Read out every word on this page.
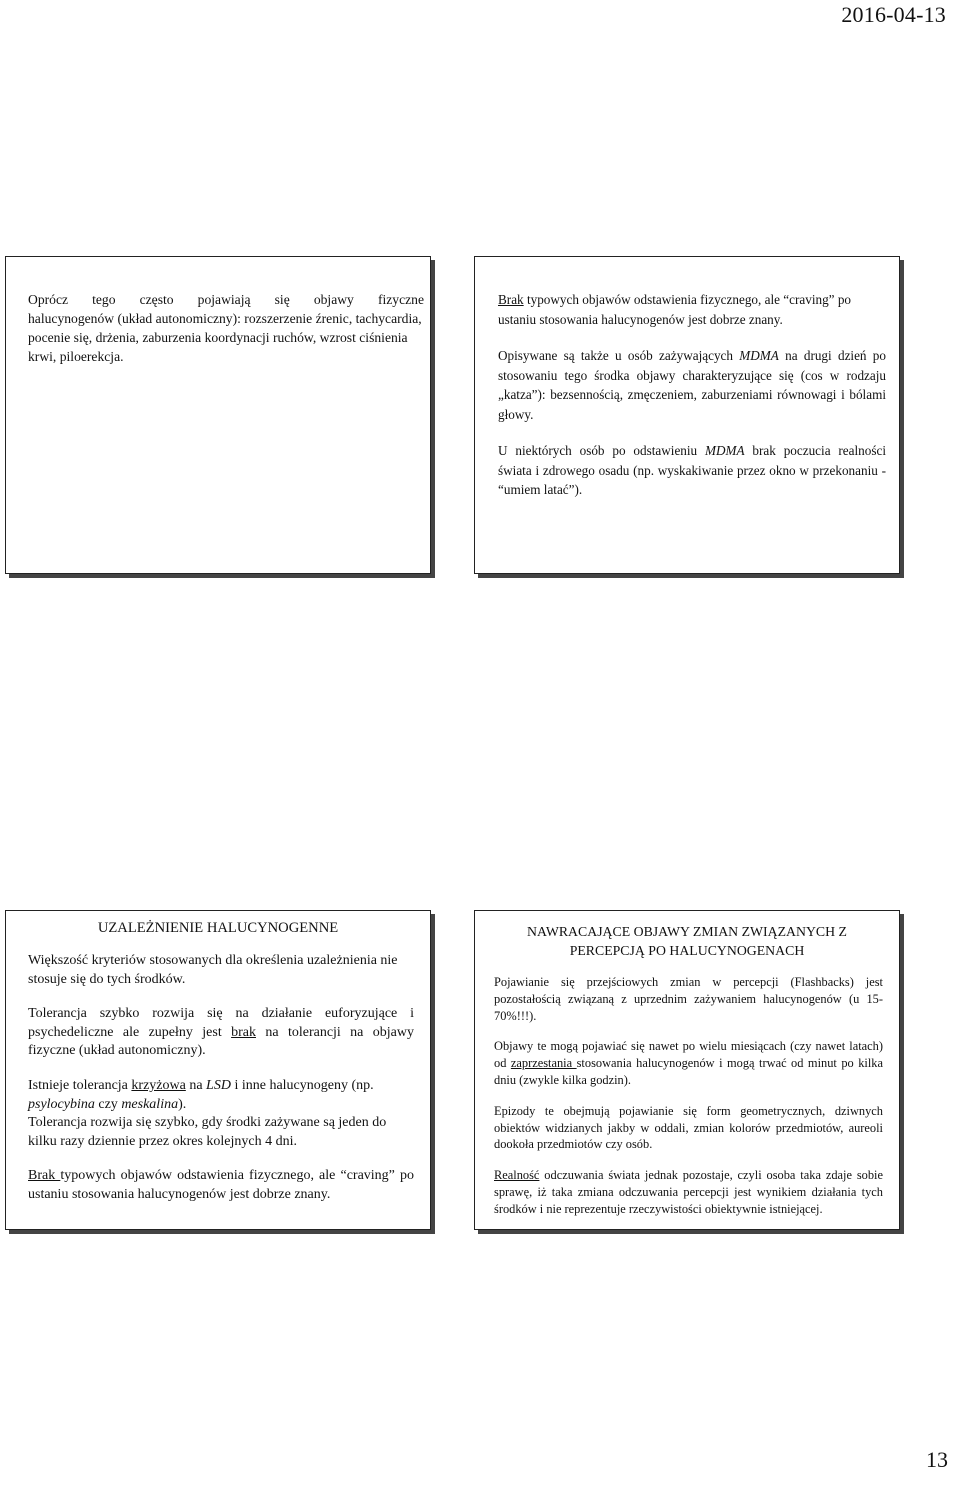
2016-04-13

Oprócz tego często pojawiają się objawy fizyczne

halucynogenów (układ autonomiczny): rozszerzenie źrenic, tachycardia, pocenie się, drżenia, zaburzenia koordynacji ruchów, wzrost ciśnienia krwi, piloerekcja.

Brak typowych objawów odstawienia fizycznego, ale “craving” po ustaniu stosowania halucynogenów jest dobrze znany.

Opisywane są także u osób zażywających MDMA na drugi dzień po stosowaniu tego środka objawy charakteryzujące się (cos w rodzaju „katza”): bezsennością, zmęczeniem, zaburzeniami równowagi i bólami głowy.

U niektórych osób po odstawieniu MDMA brak poczucia realności świata i zdrowego osadu (np. wyskakiwanie przez okno w przekonaniu - “umiem latać”).

UZALEŻNIENIE HALUCYNOGENNE

Większość kryteriów stosowanych dla określenia uzależnienia nie stosuje się do tych środków.

Tolerancja szybko rozwija się na działanie euforyzujące i psychedeliczne ale zupełny jest brak na tolerancji na objawy fizyczne (układ autonomiczny).

Istnieje tolerancja krzyżowa na LSD i inne halucynogeny (np. psylocybina czy meskalina).

Tolerancja rozwija się szybko, gdy środki zażywane są jeden do kilku razy dziennie przez okres kolejnych 4 dni.

Brak typowych objawów odstawienia fizycznego, ale “craving” po ustaniu stosowania halucynogenów jest dobrze znany.

NAWRACAJĄCE OBJAWY ZMIAN ZWIĄZANYCH Z PERCEPCJĄ PO HALUCYNOGENACH

Pojawianie się przejściowych zmian w percepcji (Flashbacks) jest pozostałością związaną z uprzednim zażywaniem halucynogenów (u 15-70%!!!).

Objawy te mogą pojawiać się nawet po wielu miesiącach (czy nawet latach) od zaprzestania stosowania halucynogenów i mogą trwać od minut po kilka dniu (zwykle kilka godzin).

Epizody te obejmują pojawianie się form geometrycznych, dziwnych obiektów widzianych jakby w oddali, zmian kolorów przedmiotów, aureoli dookoła przedmiotów czy osób.

Realność odczuwania świata jednak pozostaje, czyli osoba taka zdaje sobie sprawę, iż taka zmiana odczuwania percepcji jest wynikiem działania tych środków i nie reprezentuje rzeczywistości obiektywnie istniejącej.

13
